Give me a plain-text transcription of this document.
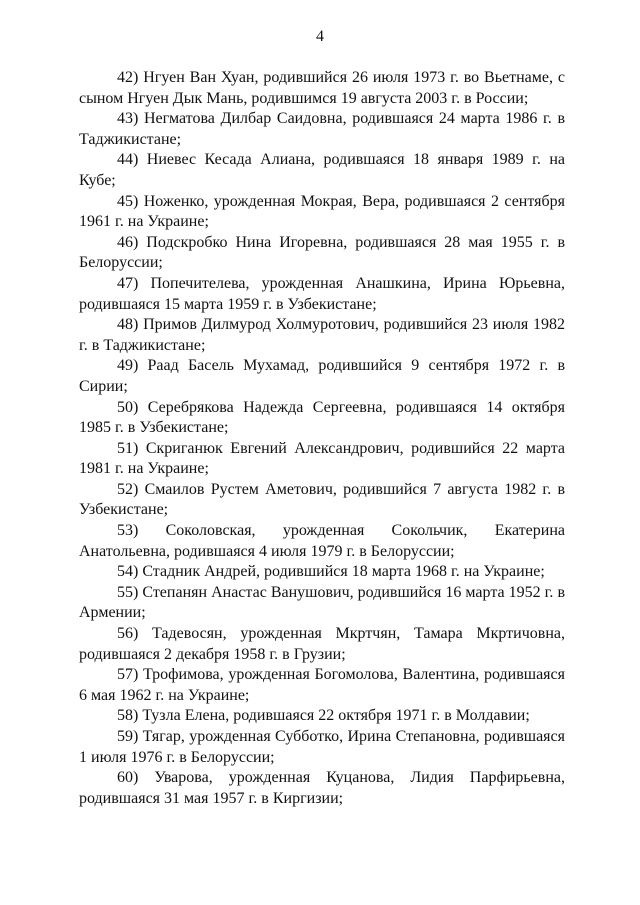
4
42) Нгуен Ван Хуан, родившийся 26 июля 1973 г. во Вьетнаме, с сыном Нгуен Дык Мань, родившимся 19 августа 2003 г. в России;
43) Негматова Дилбар Саидовна, родившаяся 24 марта 1986 г. в Таджикистане;
44) Ниевес Кесада Алиана, родившаяся 18 января 1989 г. на Кубе;
45) Ноженко, урожденная Мокрая, Вера, родившаяся 2 сентября 1961 г. на Украине;
46) Подскробко Нина Игоревна, родившаяся 28 мая 1955 г. в Белоруссии;
47) Попечителева, урожденная Анашкина, Ирина Юрьевна, родившаяся 15 марта 1959 г. в Узбекистане;
48) Примов Дилмурод Холмуротович, родившийся 23 июля 1982 г. в Таджикистане;
49) Раад Басель Мухамад, родившийся 9 сентября 1972 г. в Сирии;
50) Серебрякова Надежда Сергеевна, родившаяся 14 октября 1985 г. в Узбекистане;
51) Скриганюк Евгений Александрович, родившийся 22 марта 1981 г. на Украине;
52) Смаилов Рустем Аметович, родившийся 7 августа 1982 г. в Узбекистане;
53) Соколовская, урожденная Сокольчик, Екатерина Анатольевна, родившаяся 4 июля 1979 г. в Белоруссии;
54) Стадник Андрей, родившийся 18 марта 1968 г. на Украине;
55) Степанян Анастас Ванушович, родившийся 16 марта 1952 г. в Армении;
56) Тадевосян, урожденная Мкртчян, Тамара Мкртичовна, родившаяся 2 декабря 1958 г. в Грузии;
57) Трофимова, урожденная Богомолова, Валентина, родившаяся 6 мая 1962 г. на Украине;
58) Тузла Елена, родившаяся 22 октября 1971 г. в Молдавии;
59) Тягар, урожденная Субботко, Ирина Степановна, родившаяся 1 июля 1976 г. в Белоруссии;
60) Уварова, урожденная Куцанова, Лидия Парфирьевна, родившаяся 31 мая 1957 г. в Киргизии;
